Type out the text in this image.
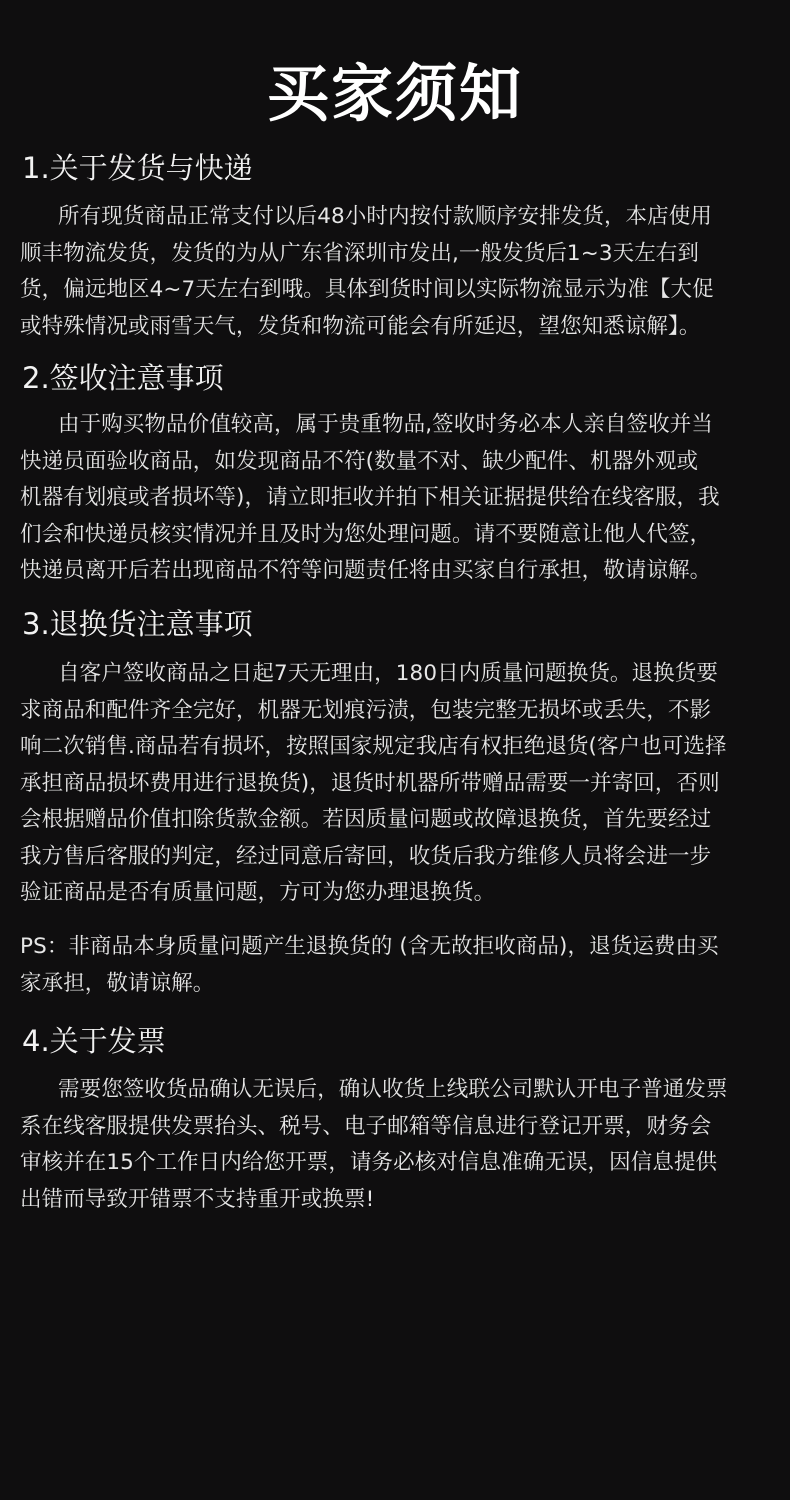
买家须知
1.关于发货与快递
所有现货商品正常支付以后48小时内按付款顺序安排发货，本店使用
顺丰物流发货，发货的为从广东省深圳市发出,一般发货后1~3天左右到
货，偏远地区4~7天左右到哦。具体到货时间以实际物流显示为准【大促
或特殊情况或雨雪天气，发货和物流可能会有所延迟，望您知悉谅解】。
2.签收注意事项
由于购买物品价值较高，属于贵重物品,签收时务必本人亲自签收并当
快递员面验收商品，如发现商品不符(数量不对、缺少配件、机器外观或
机器有划痕或者损坏等)，请立即拒收并拍下相关证据提供给在线客服，我
们会和快递员核实情况并且及时为您处理问题。请不要随意让他人代签，
快递员离开后若出现商品不符等问题责任将由买家自行承担，敬请谅解。
3.退换货注意事项
自客户签收商品之日起7天无理由，180日内质量问题换货。退换货要
求商品和配件齐全完好，机器无划痕污渍，包装完整无损坏或丢失，不影
响二次销售.商品若有损坏，按照国家规定我店有权拒绝退货(客户也可选择
承担商品损坏费用进行退换货)，退货时机器所带赠品需要一并寄回，否则
会根据赠品价值扣除货款金额。若因质量问题或故障退换货，首先要经过
我方售后客服的判定，经过同意后寄回，收货后我方维修人员将会进一步
验证商品是否有质量问题，方可为您办理退换货。
PS：非商品本身质量问题产生退换货的 (含无故拒收商品)，退货运费由买
家承担，敬请谅解。
4.关于发票
需要您签收货品确认无误后，确认收货上线联公司默认开电子普通发票
系在线客服提供发票抬头、税号、电子邮箱等信息进行登记开票，财务会
审核并在15个工作日内给您开票，请务必核对信息准确无误，因信息提供
出错而导致开错票不支持重开或换票!
